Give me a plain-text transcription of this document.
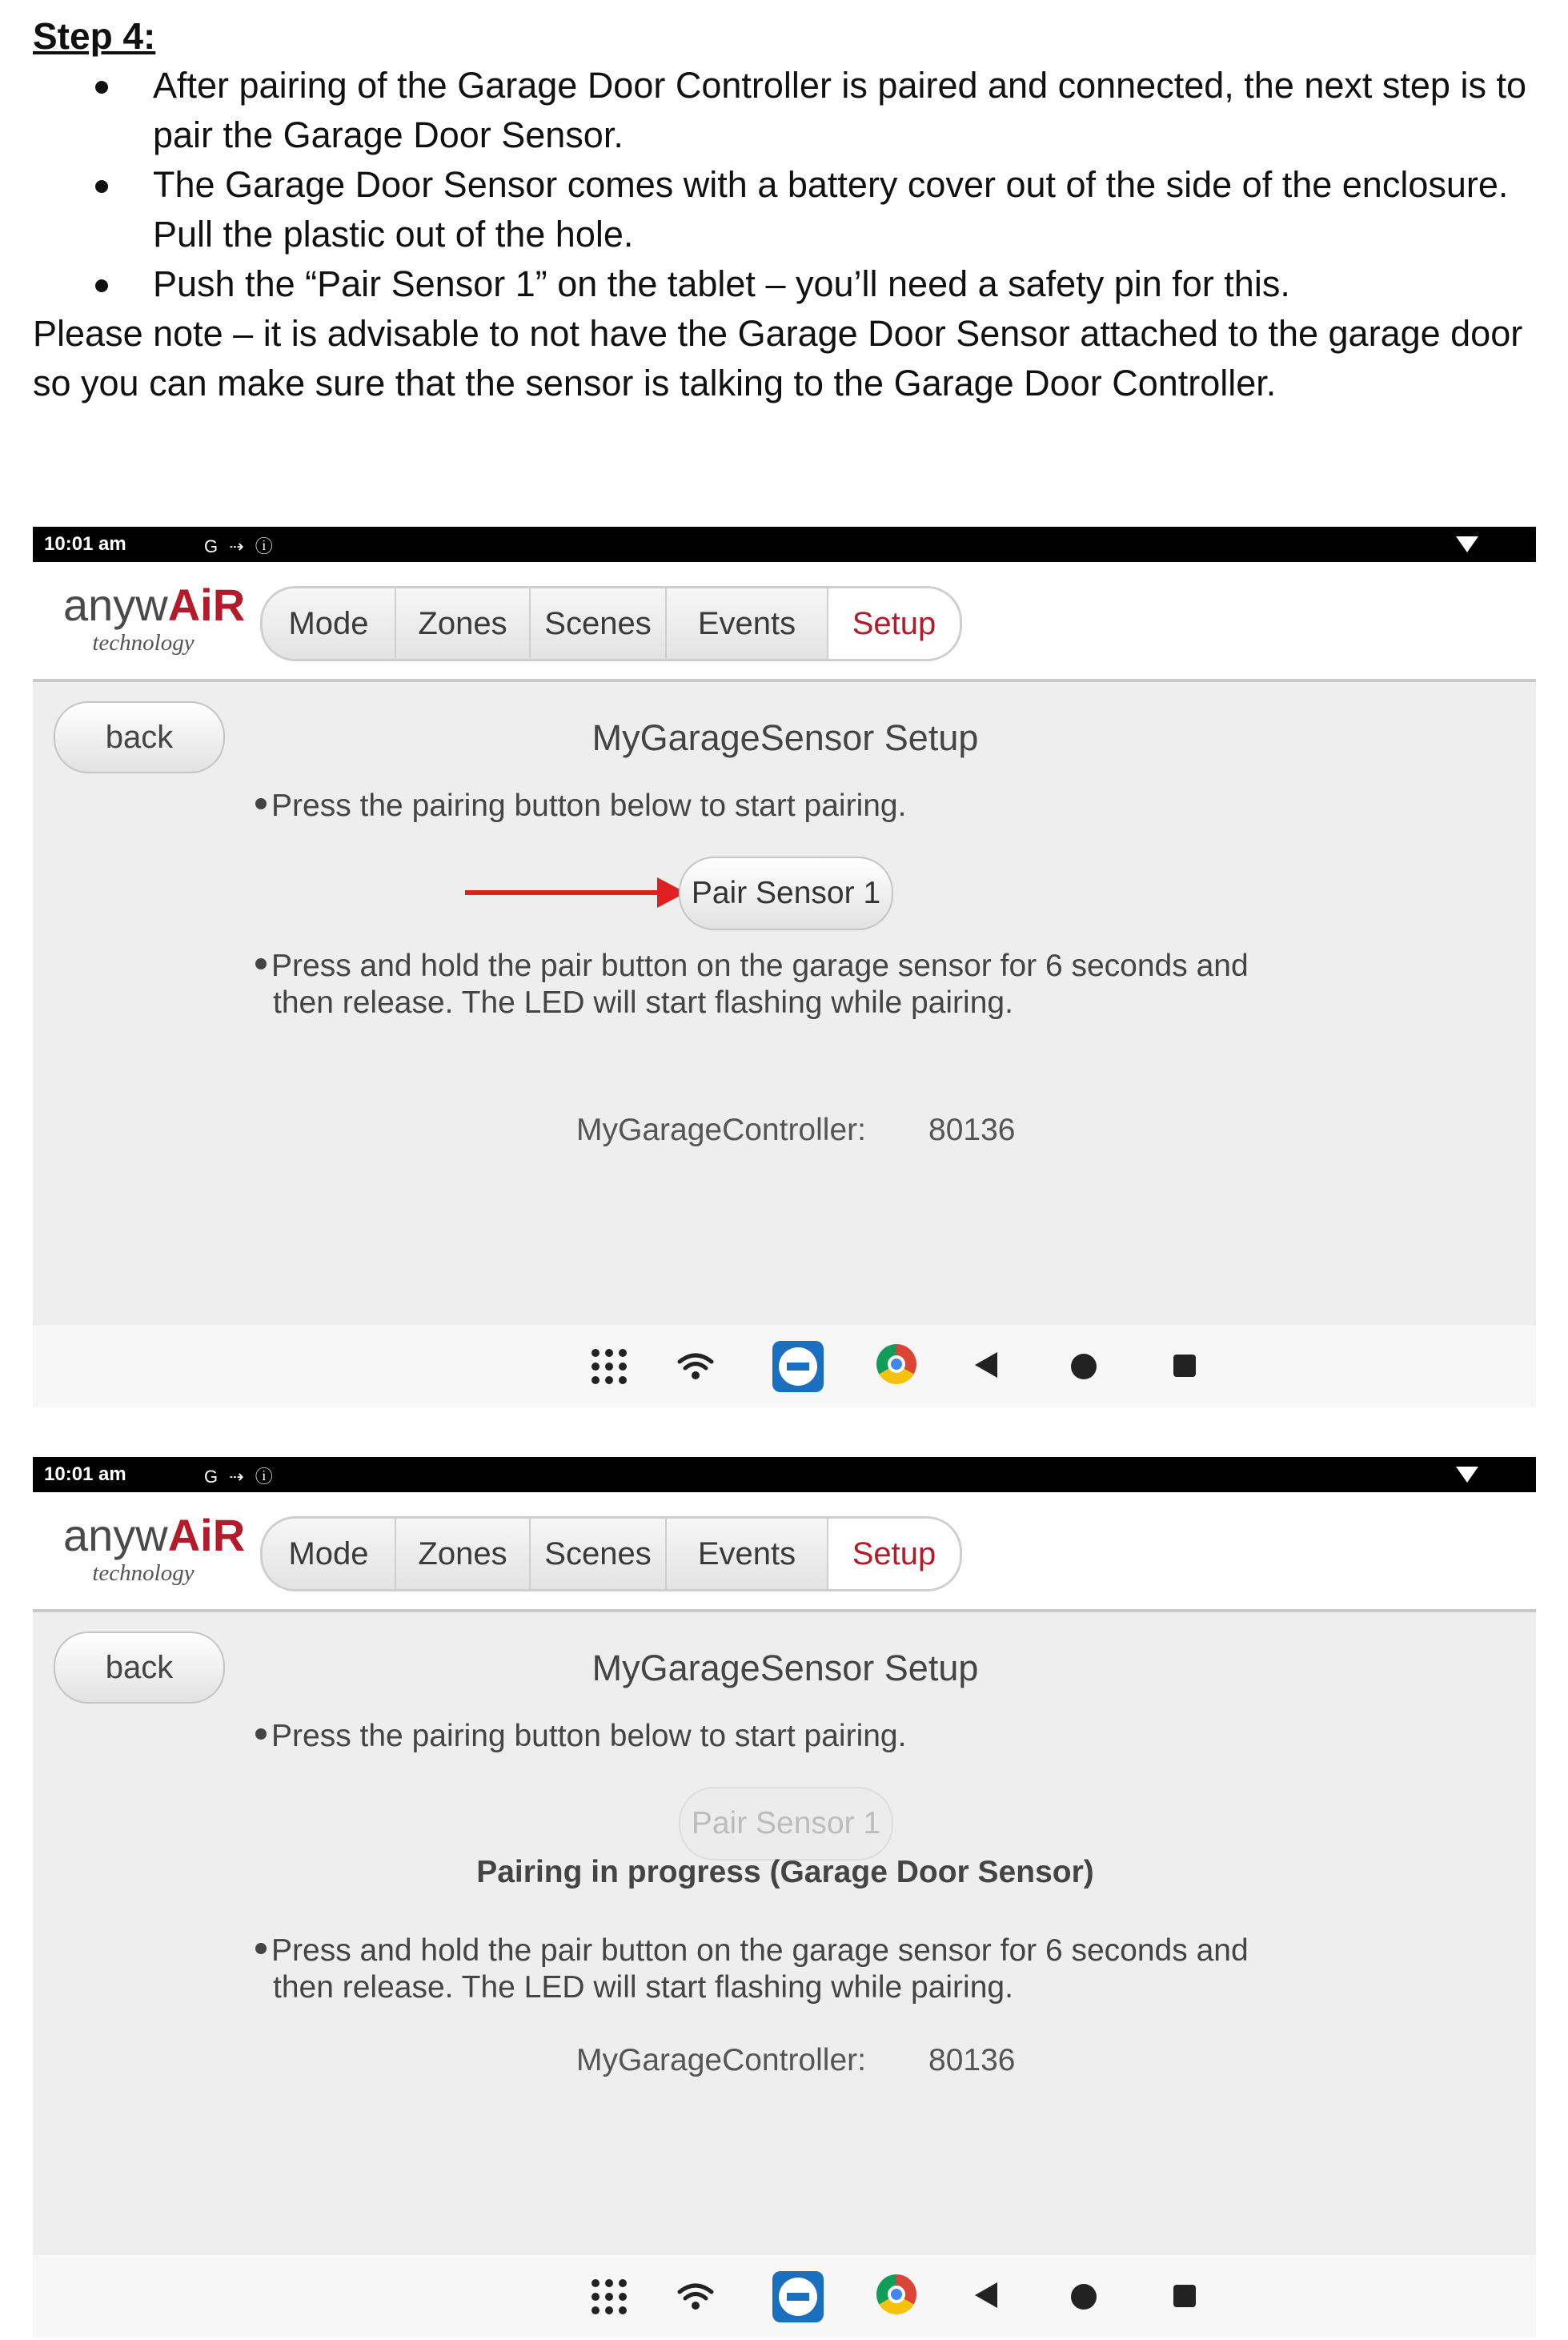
Step 4:
After pairing of the Garage Door Controller is paired and connected, the next step is to pair the Garage Door Sensor.
The Garage Door Sensor comes with a battery cover out of the side of the enclosure. Pull the plastic out of the hole.
Push the “Pair Sensor 1” on the tablet – you’ll need a safety pin for this.

Please note – it is advisable to not have the Garage Door Sensor attached to the garage door so you can make sure that the sensor is talking to the Garage Door Controller.

10:01 am	G ⇢ ⓘ
anywAiR
technology
Mode	Zones	Scenes	Events	Setup
back	MyGarageSensor Setup
Press the pairing button below to start pairing.
Pair Sensor 1
Press and hold the pair button on the garage sensor for 6 seconds and
then release. The LED will start flashing while pairing.
MyGarageController: 80136
10:01 am	G ⇢ ⓘ
anywAiR
technology
Mode	Zones	Scenes	Events	Setup
back	MyGarageSensor Setup
Press the pairing button below to start pairing.
Pair Sensor 1
Pairing in progress (Garage Door Sensor)
Press and hold the pair button on the garage sensor for 6 seconds and
then release. The LED will start flashing while pairing.
MyGarageController: 80136
